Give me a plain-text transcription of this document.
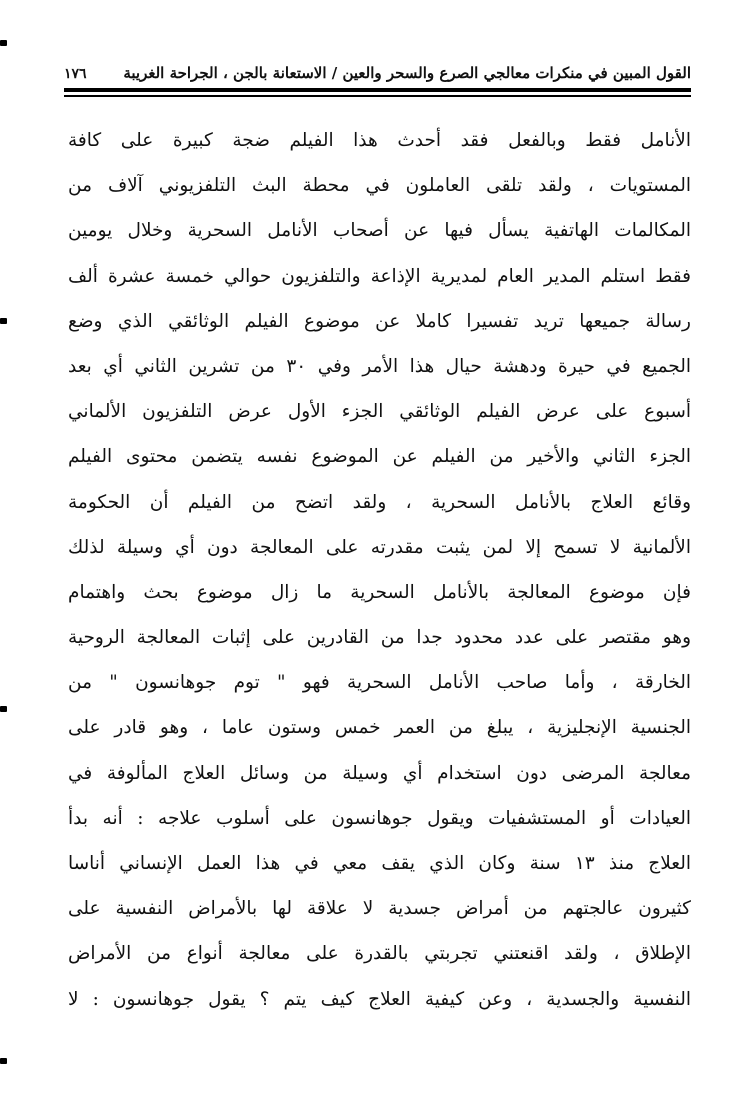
القول المبين في منكرات معالجي الصرع والسحر والعين / الاستعانة بالجن ، الجراحة الغريبة
١٧٦
الأنامل فقط وبالفعل فقد أحدث هذا الفيلم ضجة كبيرة على كافة
المستويات ، ولقد تلقى العاملون في محطة البث التلفزيوني آلاف من
المكالمات الهاتفية يسأل فيها عن أصحاب الأنامل السحرية وخلال يومين
فقط استلم المدير العام لمديرية الإذاعة والتلفزيون حوالي خمسة عشرة ألف
رسالة جميعها تريد تفسيرا كاملا عن موضوع الفيلم الوثائقي الذي وضع
الجميع في حيرة ودهشة حيال هذا الأمر وفي ٣٠ من تشرين الثاني أي بعد
أسبوع على عرض الفيلم الوثائقي الجزء الأول عرض التلفزيون الألماني
الجزء الثاني والأخير من الفيلم عن الموضوع نفسه يتضمن محتوى الفيلم
وقائع العلاج بالأنامل السحرية ، ولقد اتضح من الفيلم أن الحكومة
الألمانية لا تسمح إلا لمن يثبت مقدرته على المعالجة دون أي وسيلة لذلك
فإن موضوع المعالجة بالأنامل السحرية ما زال موضوع بحث واهتمام
وهو مقتصر على عدد محدود جدا من القادرين على إثبات المعالجة الروحية
الخارقة ، وأما صاحب الأنامل السحرية فهو " توم جوهانسون " من
الجنسية الإنجليزية ، يبلغ من العمر خمس وستون عاما ، وهو قادر على
معالجة المرضى دون استخدام أي وسيلة من وسائل العلاج المألوفة في
العيادات أو المستشفيات ويقول جوهانسون على أسلوب علاجه : أنه بدأ
العلاج منذ ١٣ سنة وكان الذي يقف معي في هذا العمل الإنساني أناسا
كثيرون عالجتهم من أمراض جسدية لا علاقة لها بالأمراض النفسية على
الإطلاق ، ولقد اقنعتني تجربتي بالقدرة على معالجة أنواع من الأمراض
النفسية والجسدية ، وعن كيفية العلاج كيف يتم ؟ يقول جوهانسون : لا
